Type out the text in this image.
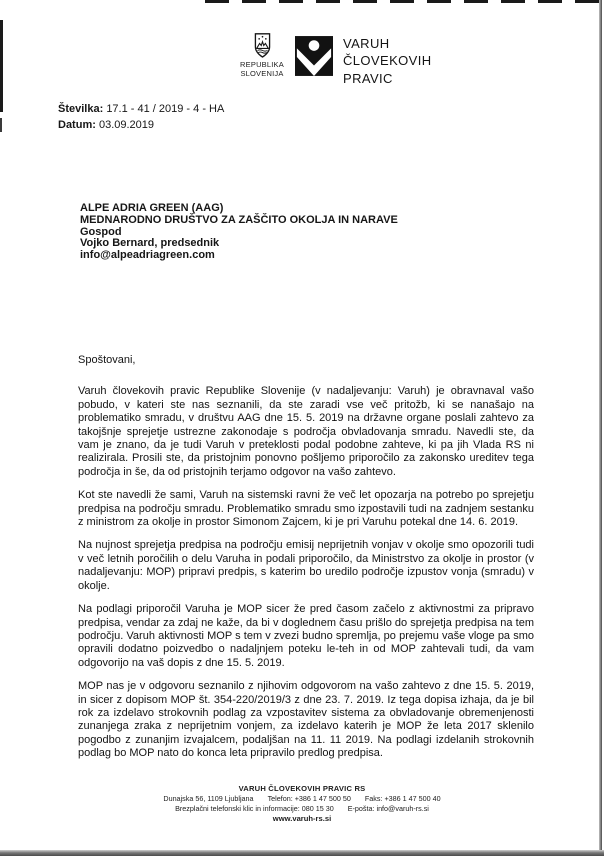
REPUBLIKA
SLOVENIJA
VARUH
ČLOVEKOVIH
PRAVIC
Številka: 17.1 - 41 / 2019 - 4 - HA
Datum: 03.09.2019
ALPE ADRIA GREEN (AAG)
MEDNARODNO DRUŠTVO ZA ZAŠČITO OKOLJA IN NARAVE
Gospod
Vojko Bernard, predsednik
info@alpeadriagreen.com

Spoštovani,

Varuh človekovih pravic Republike Slovenije (v nadaljevanju: Varuh) je obravnaval vašo pobudo, v kateri ste nas seznanili, da ste zaradi vse več pritožb, ki se nanašajo na problematiko smradu, v društvu AAG dne 15. 5. 2019 na državne organe poslali zahtevo za takojšnje sprejetje ustrezne zakonodaje s področja obvladovanja smradu. Navedli ste, da vam je znano, da je tudi Varuh v preteklosti podal podobne zahteve, ki pa jih Vlada RS ni realizirala. Prosili ste, da pristojnim ponovno pošljemo priporočilo za zakonsko ureditev tega področja in še, da od pristojnih terjamo odgovor na vašo zahtevo.

Kot ste navedli že sami, Varuh na sistemski ravni že več let opozarja na potrebo po sprejetju predpisa na področju smradu. Problematiko smradu smo izpostavili tudi na zadnjem sestanku z ministrom za okolje in prostor Simonom Zajcem, ki je pri Varuhu potekal dne 14. 6. 2019.

Na nujnost sprejetja predpisa na področju emisij neprijetnih vonjav v okolje smo opozorili tudi v več letnih poročilih o delu Varuha in podali priporočilo, da Ministrstvo za okolje in prostor (v nadaljevanju: MOP) pripravi predpis, s katerim bo uredilo področje izpustov vonja (smradu) v okolje.

Na podlagi priporočil Varuha je MOP sicer že pred časom začelo z aktivnostmi za pripravo predpisa, vendar za zdaj ne kaže, da bi v doglednem času prišlo do sprejetja predpisa na tem področju. Varuh aktivnosti MOP s tem v zvezi budno spremlja, po prejemu vaše vloge pa smo opravili dodatno poizvedbo o nadaljnjem poteku le-teh in od MOP zahtevali tudi, da vam odgovorijo na vaš dopis z dne 15. 5. 2019.

MOP nas je v odgovoru seznanilo z njihovim odgovorom na vašo zahtevo z dne 15. 5. 2019, in sicer z dopisom MOP št. 354-220/2019/3 z dne 23. 7. 2019. Iz tega dopisa izhaja, da je bil rok za izdelavo strokovnih podlag za vzpostavitev sistema za obvladovanje obremenjenosti zunanjega zraka z neprijetnim vonjem, za izdelavo katerih je MOP že leta 2017 sklenilo pogodbo z zunanjim izvajalcem, podaljšan na 11. 11 2019. Na podlagi izdelanih strokovnih podlag bo MOP nato do konca leta pripravilo predlog predpisa.

VARUH ČLOVEKOVIH PRAVIC RS
Dunajska 56, 1109 Ljubljana Telefon: +386 1 47 500 50 Faks: +386 1 47 500 40
Brezplačni telefonski klic in informacije: 080 15 30 E-pošta: info@varuh-rs.si
www.varuh-rs.si
